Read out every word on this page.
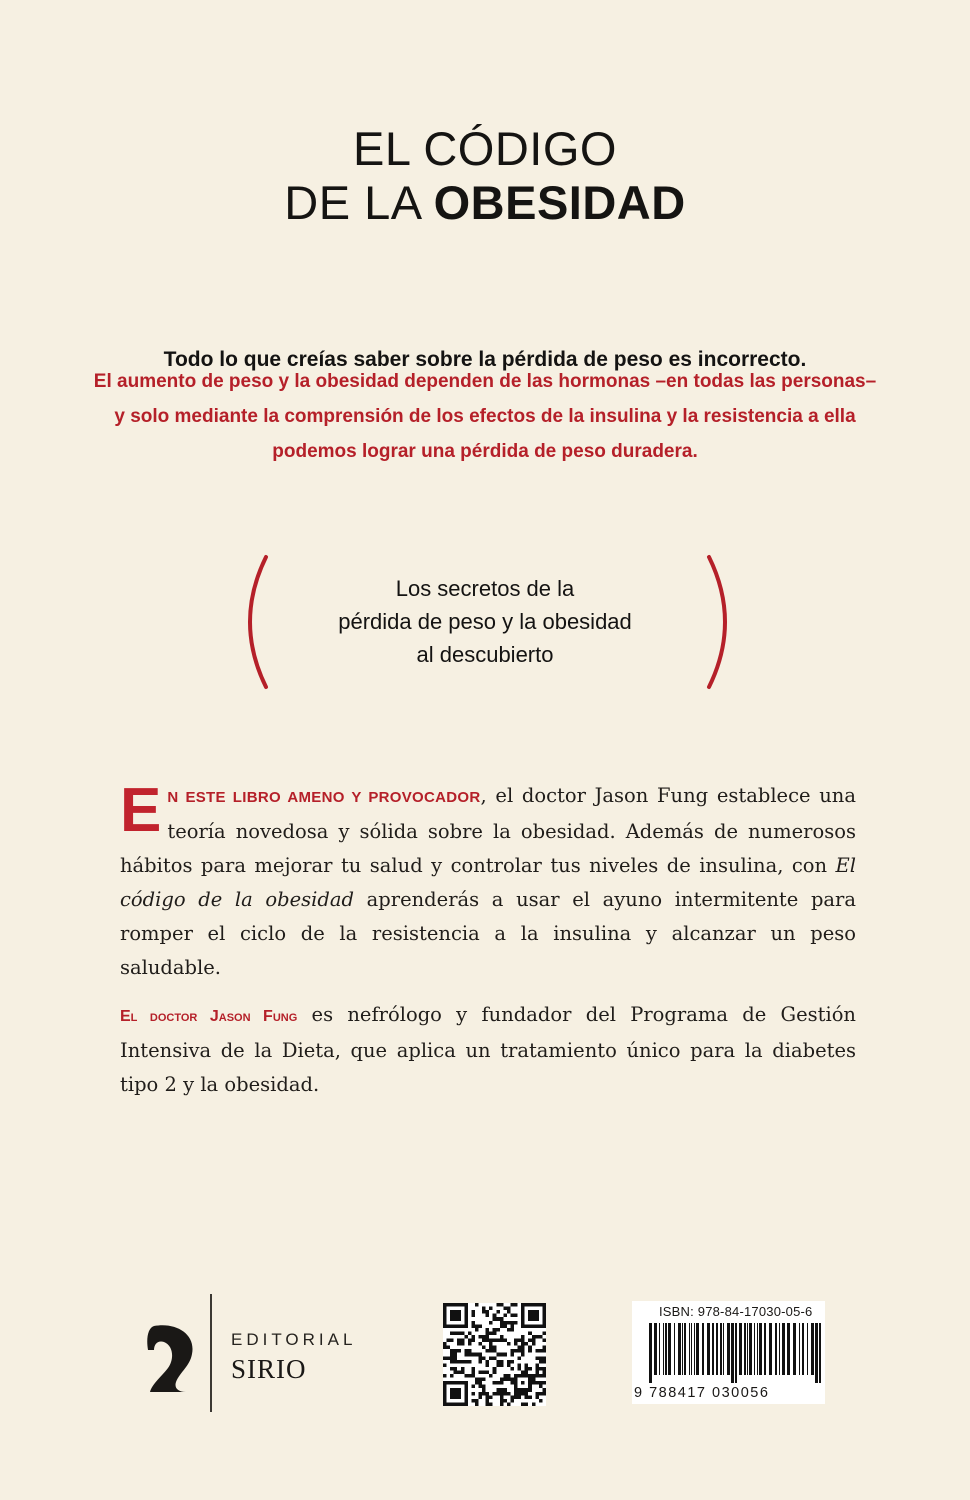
EL CÓDIGO
DE LA OBESIDAD
Todo lo que creías saber sobre la pérdida de peso es incorrecto.

El aumento de peso y la obesidad dependen de las hormonas –en todas las personas–

y solo mediante la comprensión de los efectos de la insulina y la resistencia a ella

podemos lograr una pérdida de peso duradera.

Los secretos de la

pérdida de peso y la obesidad

al descubierto

EN ESTE LIBRO AMENO Y PROVOCADOR, el doctor Jason Fung establece una teoría novedosa y sólida sobre la obesidad. Además de numerosos hábitos para mejorar tu salud y controlar tus niveles de insulina, con El código de la obesidad aprenderás a usar el ayuno intermitente para romper el ciclo de la resistencia a la insulina y alcanzar un peso saludable.

El doctor Jason Fung es nefrólogo y fundador del Programa de Gestión Intensiva de la Dieta, que aplica un tratamiento único para la diabetes tipo 2 y la obesidad.

EDITORIAL
SIRIO
ISBN: 978-84-17030-05-6
9 788417 030056
